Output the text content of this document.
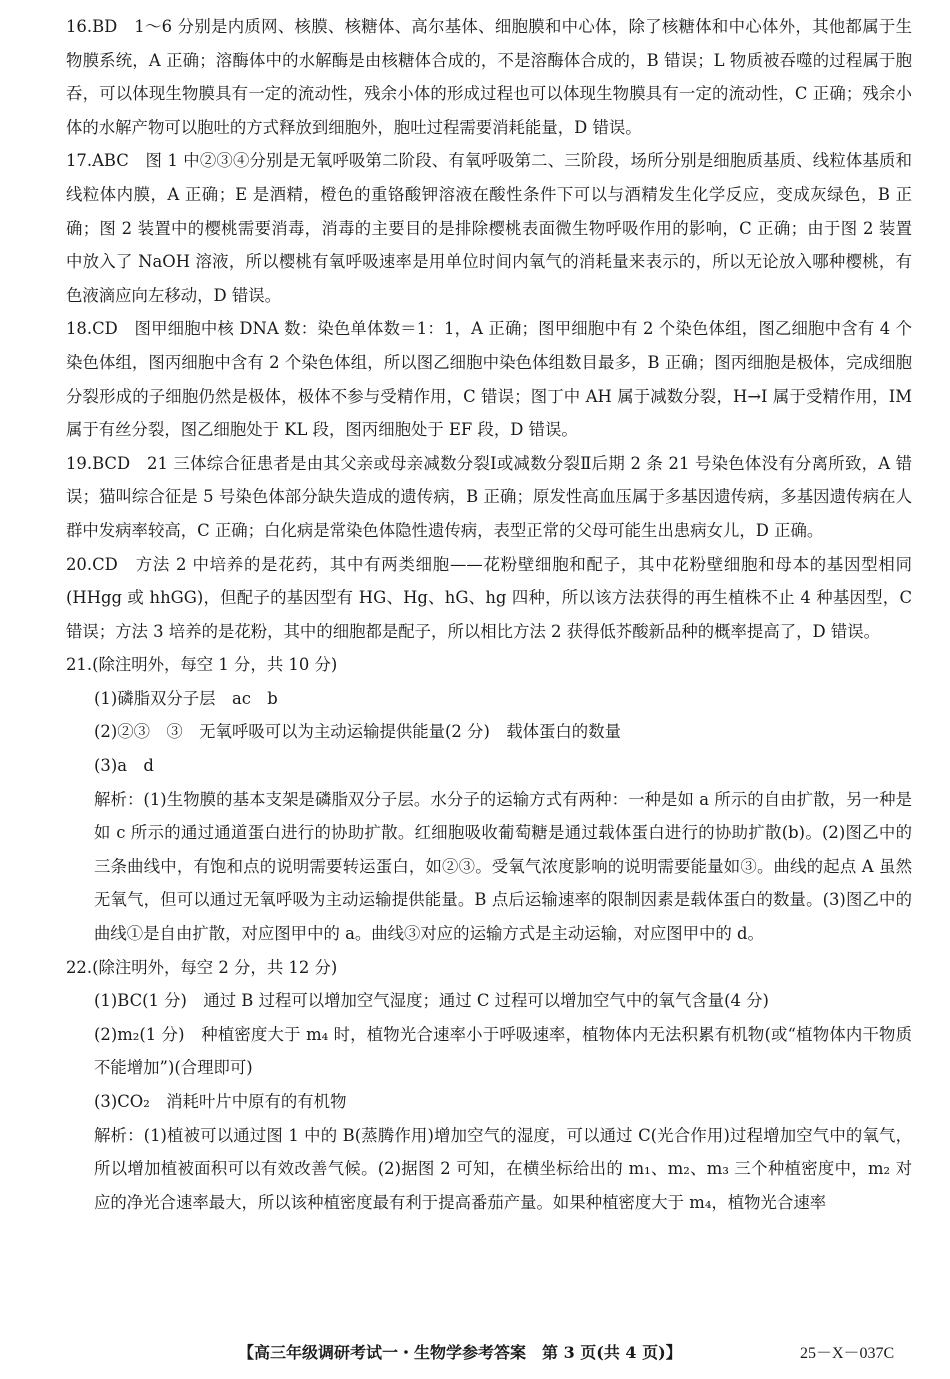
16.BD　1～6 分别是内质网、核膜、核糖体、高尔基体、细胞膜和中心体，除了核糖体和中心体外，其他都属于生物膜系统，A 正确；溶酶体中的水解酶是由核糖体合成的，不是溶酶体合成的，B 错误；L 物质被吞噬的过程属于胞吞，可以体现生物膜具有一定的流动性，残余小体的形成过程也可以体现生物膜具有一定的流动性，C 正确；残余小体的水解产物可以胞吐的方式释放到细胞外，胞吐过程需要消耗能量，D 错误。

17.ABC　图 1 中②③④分别是无氧呼吸第二阶段、有氧呼吸第二、三阶段，场所分别是细胞质基质、线粒体基质和线粒体内膜，A 正确；E 是酒精，橙色的重铬酸钾溶液在酸性条件下可以与酒精发生化学反应，变成灰绿色，B 正确；图 2 装置中的樱桃需要消毒，消毒的主要目的是排除樱桃表面微生物呼吸作用的影响，C 正确；由于图 2 装置中放入了 NaOH 溶液，所以樱桃有氧呼吸速率是用单位时间内氧气的消耗量来表示的，所以无论放入哪种樱桃，有色液滴应向左移动，D 错误。

18.CD　图甲细胞中核 DNA 数：染色单体数＝1：1，A 正确；图甲细胞中有 2 个染色体组，图乙细胞中含有 4 个染色体组，图丙细胞中含有 2 个染色体组，所以图乙细胞中染色体组数目最多，B 正确；图丙细胞是极体，完成细胞分裂形成的子细胞仍然是极体，极体不参与受精作用，C 错误；图丁中 AH 属于减数分裂，H→I 属于受精作用，IM 属于有丝分裂，图乙细胞处于 KL 段，图丙细胞处于 EF 段，D 错误。

19.BCD　21 三体综合征患者是由其父亲或母亲减数分裂Ⅰ或减数分裂Ⅱ后期 2 条 21 号染色体没有分离所致，A 错误；猫叫综合征是 5 号染色体部分缺失造成的遗传病，B 正确；原发性高血压属于多基因遗传病，多基因遗传病在人群中发病率较高，C 正确；白化病是常染色体隐性遗传病，表型正常的父母可能生出患病女儿，D 正确。

20.CD　方法 2 中培养的是花药，其中有两类细胞——花粉壁细胞和配子，其中花粉壁细胞和母本的基因型相同(HHgg 或 hhGG)，但配子的基因型有 HG、Hg、hG、hg 四种，所以该方法获得的再生植株不止 4 种基因型，C 错误；方法 3 培养的是花粉，其中的细胞都是配子，所以相比方法 2 获得低芥酸新品种的概率提高了，D 错误。

21.(除注明外，每空 1 分，共 10 分)

(1)磷脂双分子层　ac　b

(2)②③　③　无氧呼吸可以为主动运输提供能量(2 分)　载体蛋白的数量

(3)a　d

解析：(1)生物膜的基本支架是磷脂双分子层。水分子的运输方式有两种：一种是如 a 所示的自由扩散，另一种是如 c 所示的通过通道蛋白进行的协助扩散。红细胞吸收葡萄糖是通过载体蛋白进行的协助扩散(b)。(2)图乙中的三条曲线中，有饱和点的说明需要转运蛋白，如②③。受氧气浓度影响的说明需要能量如③。曲线的起点 A 虽然无氧气，但可以通过无氧呼吸为主动运输提供能量。B 点后运输速率的限制因素是载体蛋白的数量。(3)图乙中的曲线①是自由扩散，对应图甲中的 a。曲线③对应的运输方式是主动运输，对应图甲中的 d。

22.(除注明外，每空 2 分，共 12 分)

(1)BC(1 分)　通过 B 过程可以增加空气湿度；通过 C 过程可以增加空气中的氧气含量(4 分)

(2)m₂(1 分)　种植密度大于 m₄ 时，植物光合速率小于呼吸速率，植物体内无法积累有机物(或“植物体内干物质不能增加”)(合理即可)

(3)CO₂　消耗叶片中原有的有机物

解析：(1)植被可以通过图 1 中的 B(蒸腾作用)增加空气的湿度，可以通过 C(光合作用)过程增加空气中的氧气，所以增加植被面积可以有效改善气候。(2)据图 2 可知，在横坐标给出的 m₁、m₂、m₃ 三个种植密度中，m₂ 对应的净光合速率最大，所以该种植密度最有利于提高番茄产量。如果种植密度大于 m₄，植物光合速率

【高三年级调研考试一・生物学参考答案　第 3 页(共 4 页)】	25－X－037C
